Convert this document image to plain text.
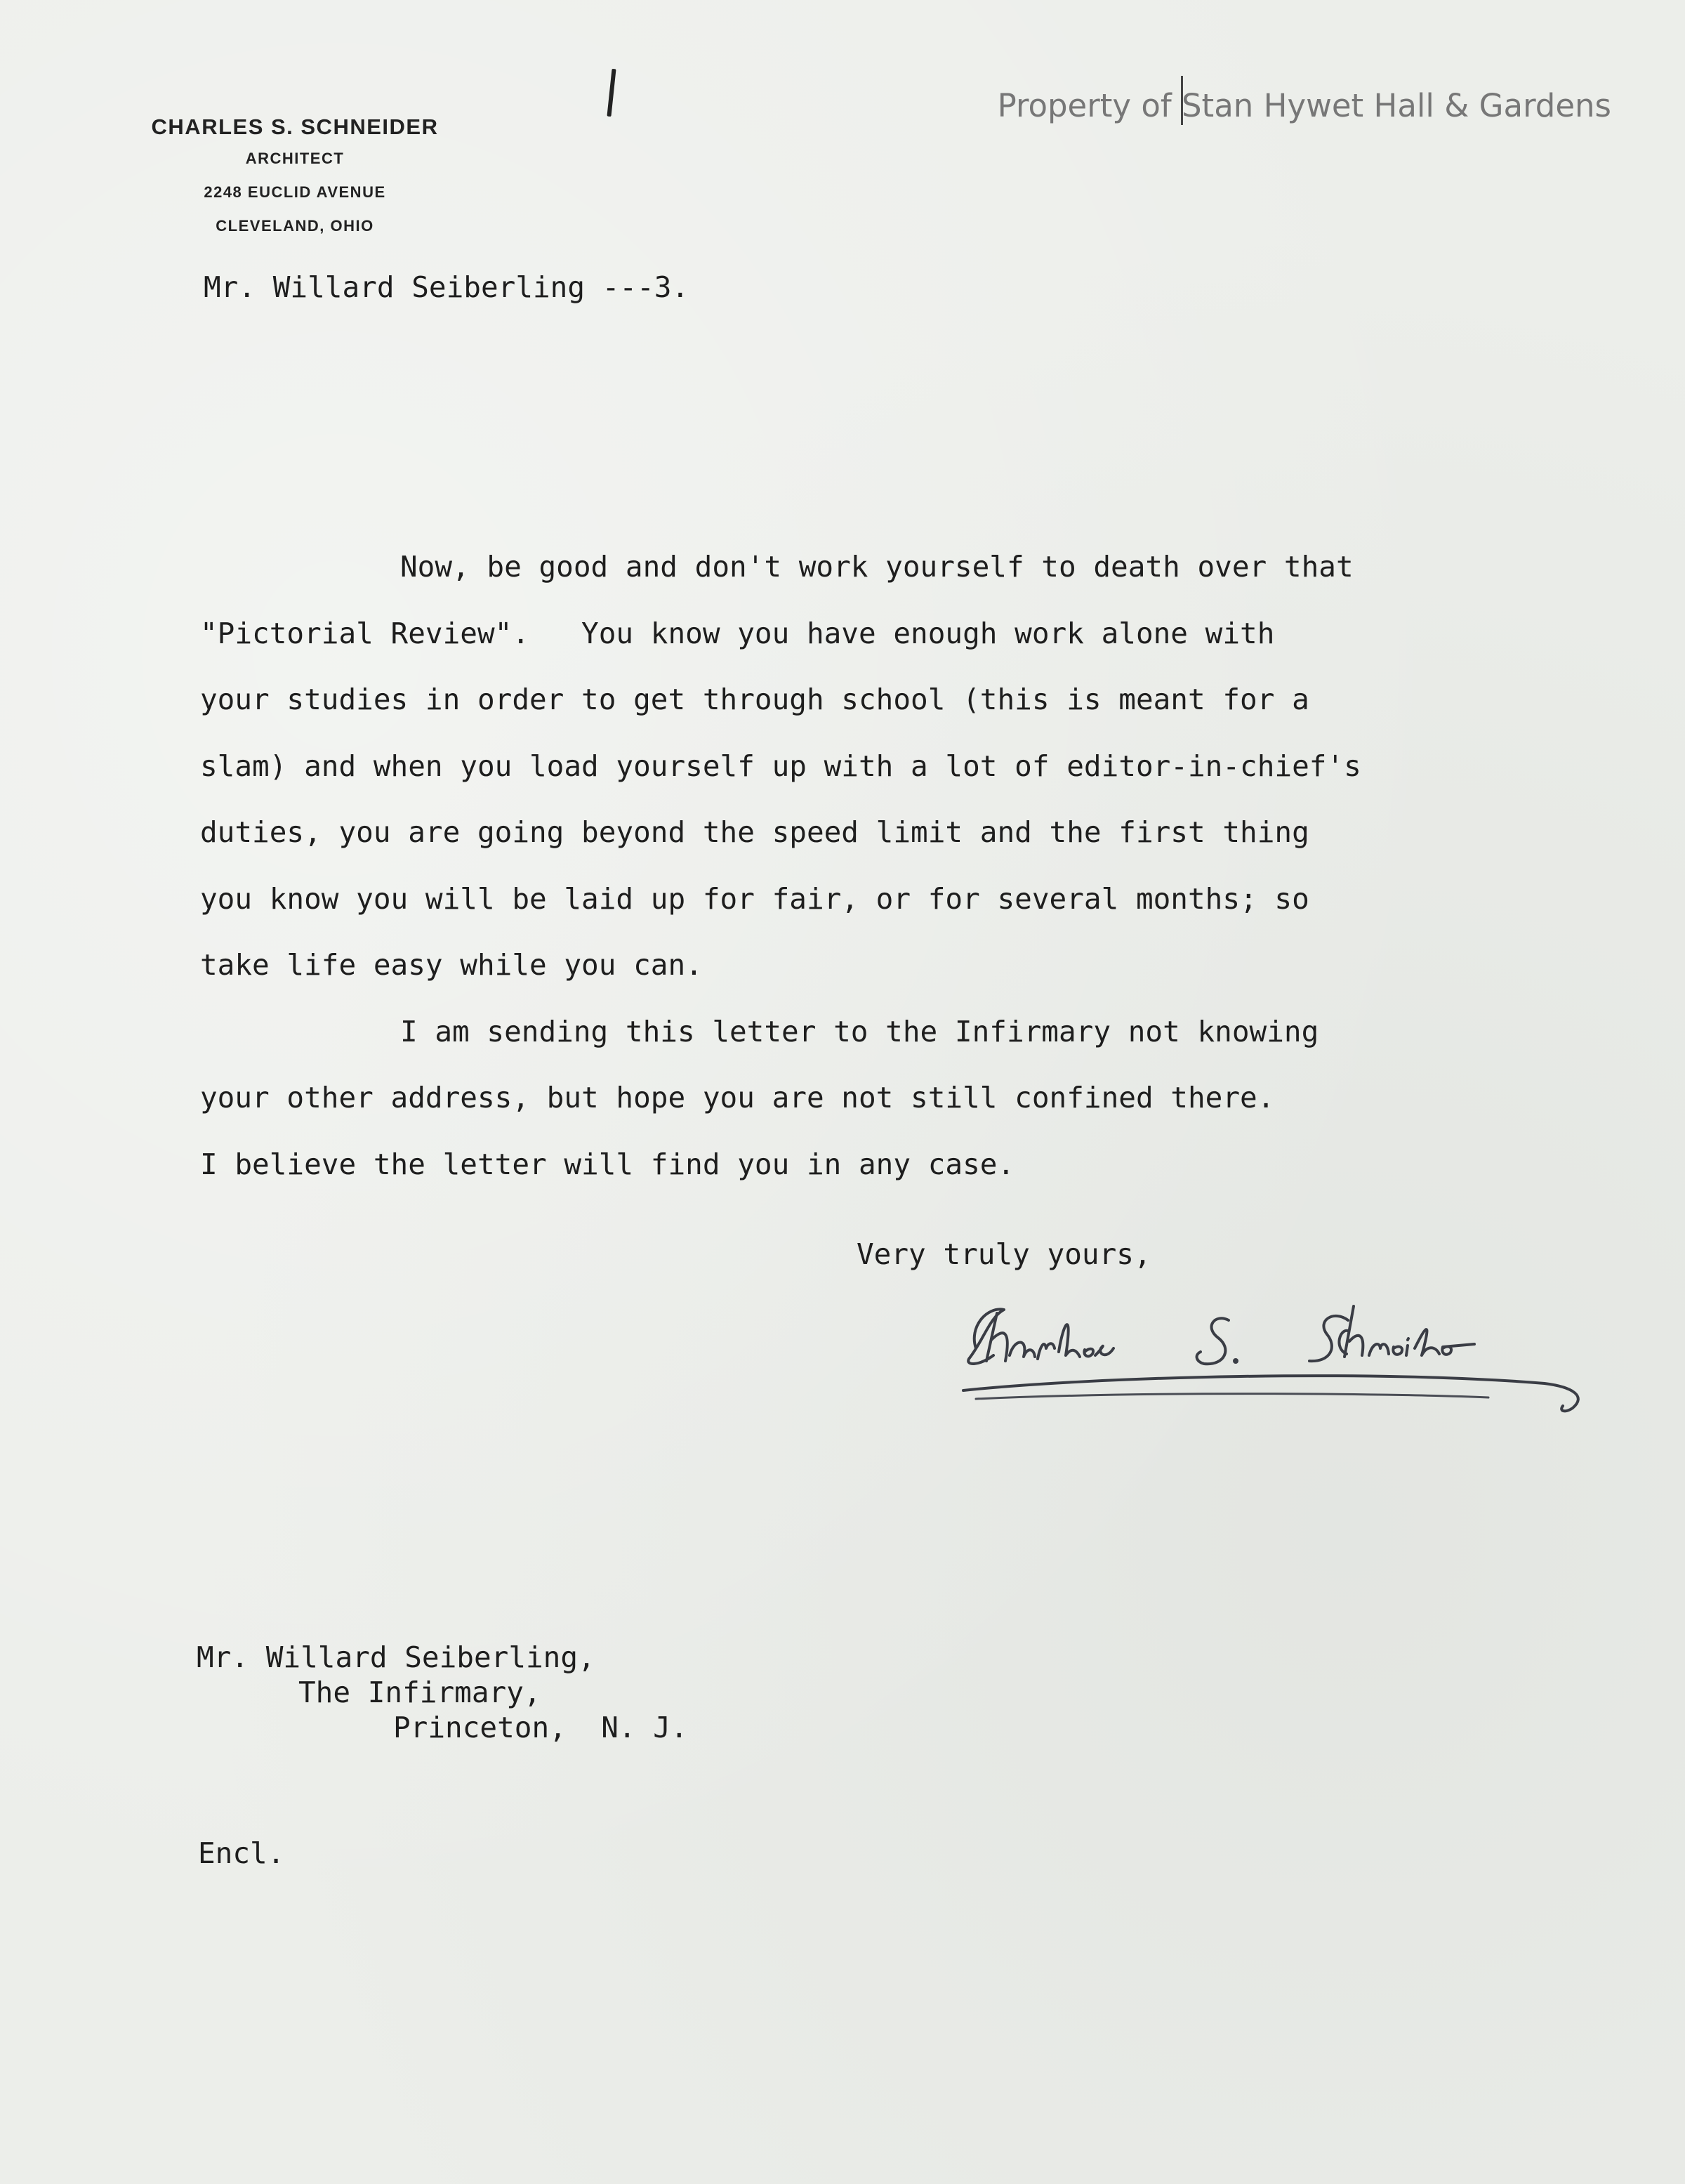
CHARLES S. SCHNEIDER
ARCHITECT
2248 EUCLID AVENUE
CLEVELAND, OHIO
Property of Stan Hywet Hall & Gardens
Mr. Willard Seiberling ---3.
Now, be good and don't work yourself to death over that
"Pictorial Review".   You know you have enough work alone with
your studies in order to get through school (this is meant for a
slam) and when you load yourself up with a lot of editor-in-chief's
duties, you are going beyond the speed limit and the first thing
you know you will be laid up for fair, or for several months; so
take life easy while you can.
I am sending this letter to the Infirmary not knowing
your other address, but hope you are not still confined there.
I believe the letter will find you in any case.
Very truly yours,
Mr. Willard Seiberling,
The Infirmary,
Princeton,  N. J.
Encl.
